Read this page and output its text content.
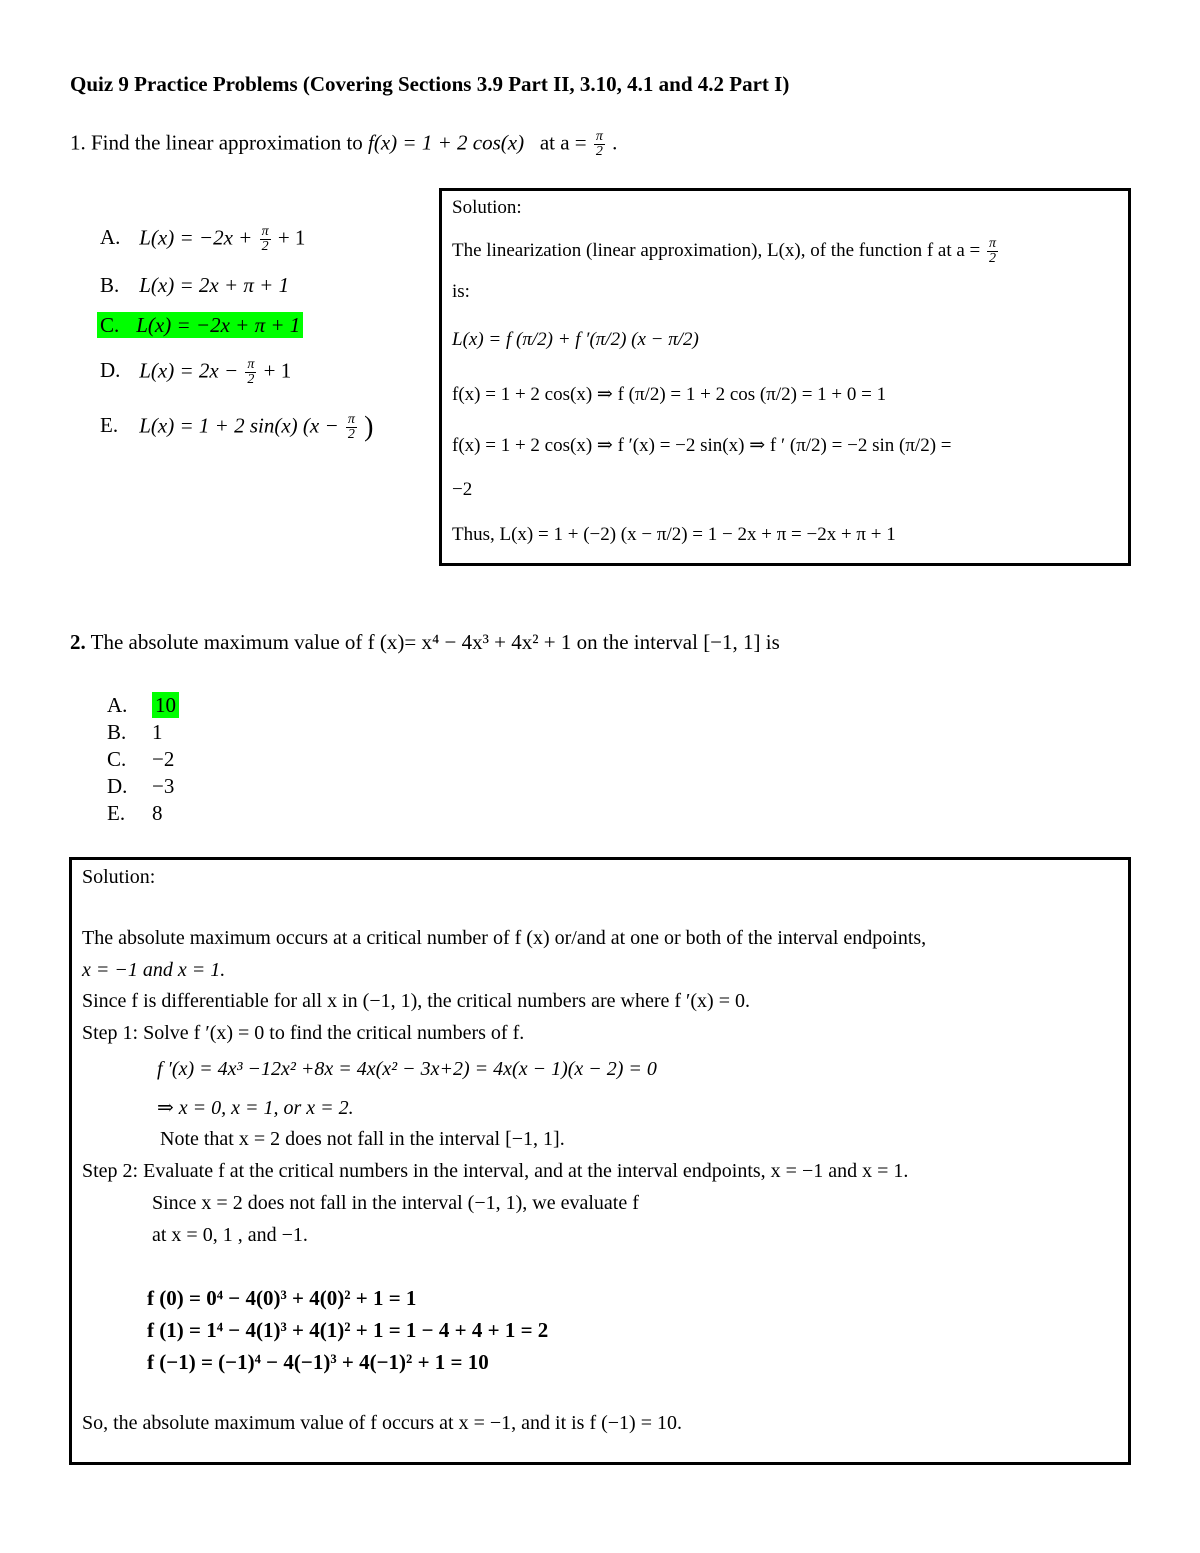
Quiz 9 Practice Problems (Covering Sections 3.9 Part II, 3.10, 4.1 and 4.2 Part I)
1. Find the linear approximation to f(x) = 1 + 2 cos(x) at $a = \frac{\pi}{2}$ .
A. $L(x) = -2x + \frac{\pi}{2} + 1$
B. L(x) = 2x + π + 1
C. L(x) = −2x + π + 1
D. $L(x) = 2x - \frac{\pi}{2} + 1$
E. L(x) = 1 + 2 sin(x) ($x - \frac{\pi}{2}$ )
Solution:
The linearization (linear approximation), L(x), of the function f at $a = \frac{\pi}{2}$
is:
L(x) = f (π/2) + f ′(π/2) (x − π/2)
f(x) = 1 + 2 cos(x) ⇒ f (π/2) = 1 + 2 cos (π/2) = 1 + 0 = 1
f(x) = 1 + 2 cos(x) ⇒ f ′(x) = −2 sin(x) ⇒ f ′ (π/2) = −2 sin (π/2) =
−2
Thus, L(x) = 1 + (−2) (x − π/2) = 1 − 2x + π = −2x + π + 1
2. The absolute maximum value of f (x)= x⁴ − 4x³ + 4x² + 1 on the interval [−1, 1] is
A. 10
B. 1
C. −2
D. −3
E. 8
Solution:
The absolute maximum occurs at a critical number of f (x) or/and at one or both of the interval endpoints,
x = −1 and x = 1.
Since f is differentiable for all x in (−1, 1), the critical numbers are where f ′(x) = 0.
Step 1: Solve f ′(x) = 0 to find the critical numbers of f.
f ′(x) = 4x³ −12x² +8x = 4x(x² − 3x+2) = 4x(x − 1)(x − 2) = 0
⇒ x = 0, x = 1, or x = 2.
Note that x = 2 does not fall in the interval [−1, 1].
Step 2: Evaluate f at the critical numbers in the interval, and at the interval endpoints, x = −1 and x = 1.
Since x = 2 does not fall in the interval (−1, 1), we evaluate f
at x = 0, 1 , and −1.
f (0) = 0⁴ − 4(0)³ + 4(0)² + 1 = 1
f (1) = 1⁴ − 4(1)³ + 4(1)² + 1 = 1 − 4 + 4 + 1 = 2
f (−1) = (−1)⁴ − 4(−1)³ + 4(−1)² + 1 = 10
So, the absolute maximum value of f occurs at x = −1, and it is f (−1) = 10.
